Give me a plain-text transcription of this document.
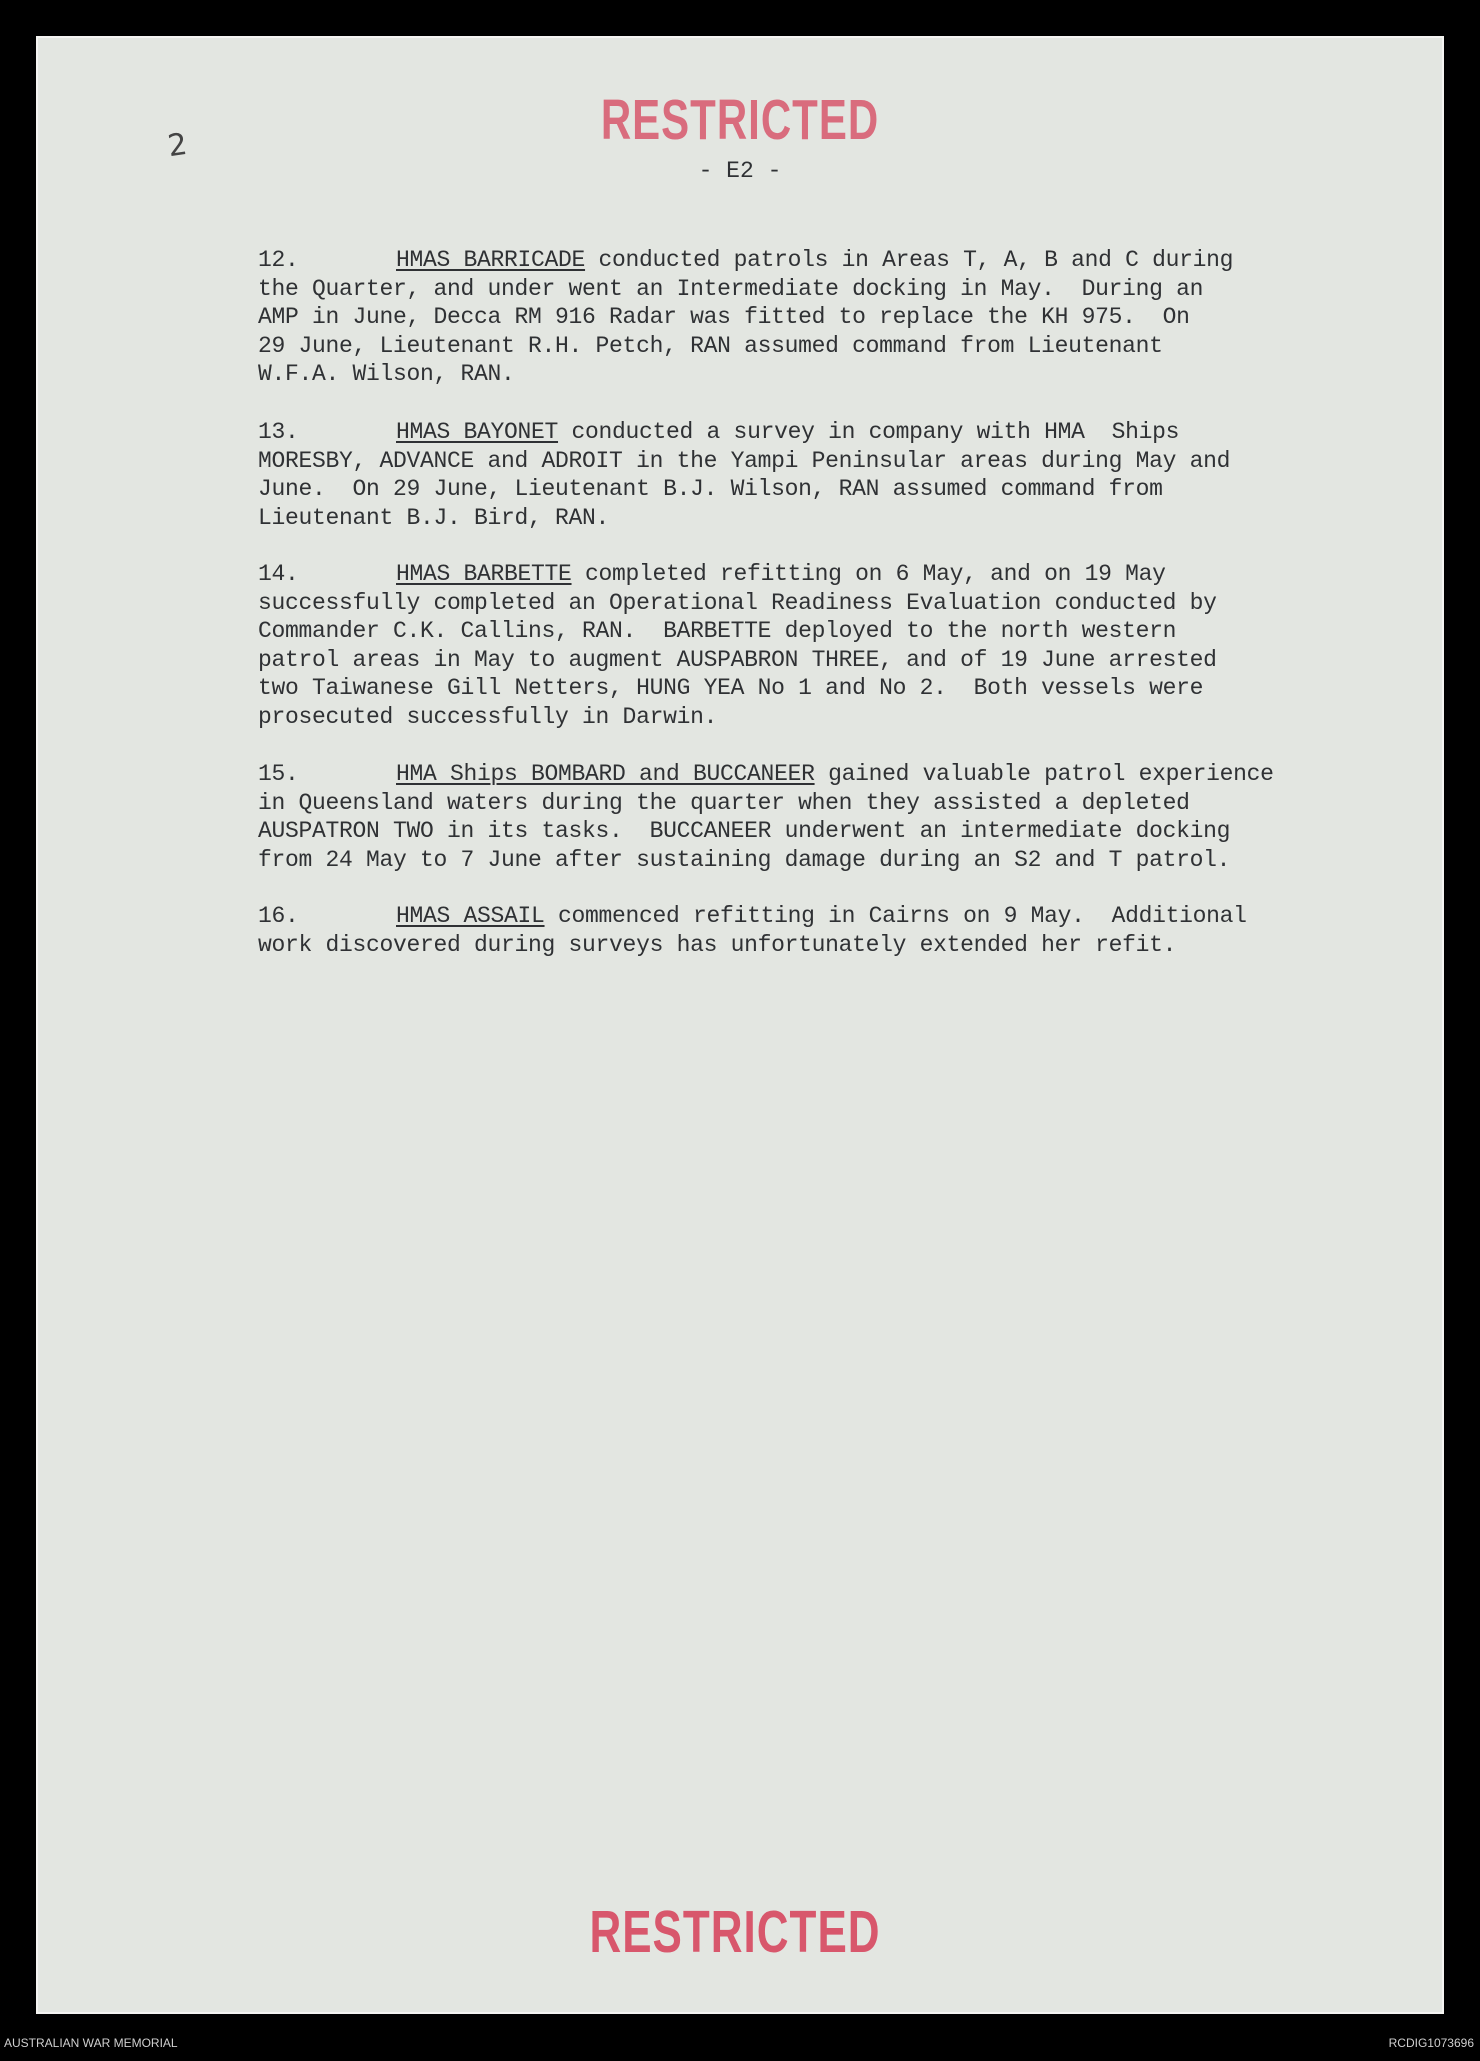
RESTRICTED
- E2 -
2
12.	HMAS BARRICADE conducted patrols in Areas T, A, B and C during
the Quarter, and under went an Intermediate docking in May.  During an
AMP in June, Decca RM 916 Radar was fitted to replace the KH 975.  On
29 June, Lieutenant R.H. Petch, RAN assumed command from Lieutenant
W.F.A. Wilson, RAN.
13.	HMAS BAYONET conducted a survey in company with HMA  Ships
MORESBY, ADVANCE and ADROIT in the Yampi Peninsular areas during May and
June.  On 29 June, Lieutenant B.J. Wilson, RAN assumed command from
Lieutenant B.J. Bird, RAN.
14.	HMAS BARBETTE completed refitting on 6 May, and on 19 May
successfully completed an Operational Readiness Evaluation conducted by
Commander C.K. Callins, RAN.  BARBETTE deployed to the north western
patrol areas in May to augment AUSPABRON THREE, and of 19 June arrested
two Taiwanese Gill Netters, HUNG YEA No 1 and No 2.  Both vessels were
prosecuted successfully in Darwin.
15.	HMA Ships BOMBARD and BUCCANEER gained valuable patrol experience
in Queensland waters during the quarter when they assisted a depleted
AUSPATRON TWO in its tasks.  BUCCANEER underwent an intermediate docking
from 24 May to 7 June after sustaining damage during an S2 and T patrol.
16.	HMAS ASSAIL commenced refitting in Cairns on 9 May.  Additional
work discovered during surveys has unfortunately extended her refit.
RESTRICTED
AUSTRALIAN WAR MEMORIAL	RCDIG1073696
